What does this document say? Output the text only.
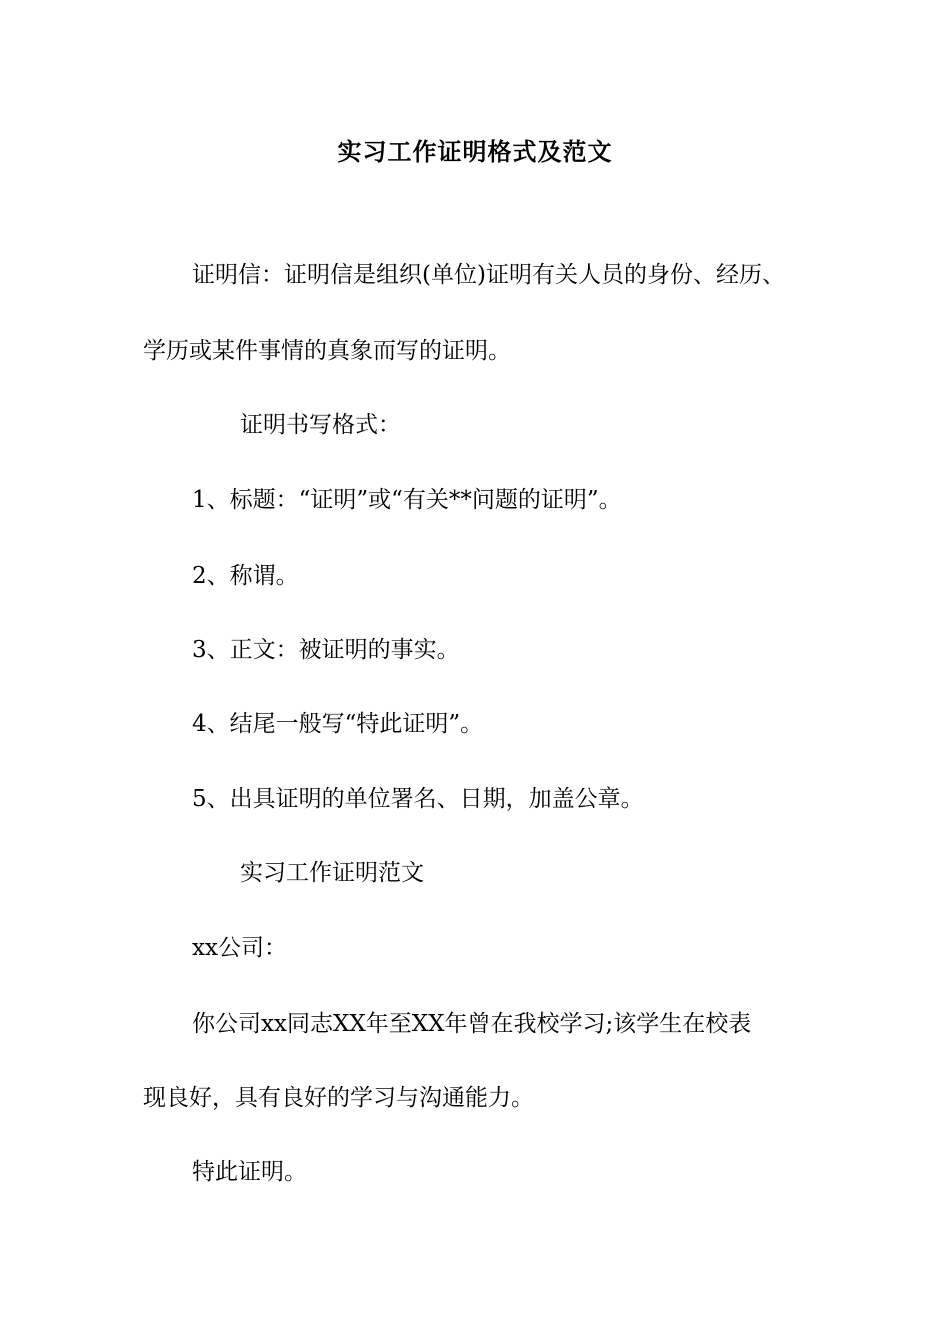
实习工作证明格式及范文
证明信：证明信是组织(单位)证明有关人员的身份、经历、
学历或某件事情的真象而写的证明。
证明书写格式：
1、标题：“证明”或“有关**问题的证明”。
2、称谓。
3、正文：被证明的事实。
4、结尾一般写“特此证明”。
5、出具证明的单位署名、日期，加盖公章。
实习工作证明范文
xx公司：
你公司xx同志XX年至XX年曾在我校学习;该学生在校表
现良好，具有良好的学习与沟通能力。
特此证明。
